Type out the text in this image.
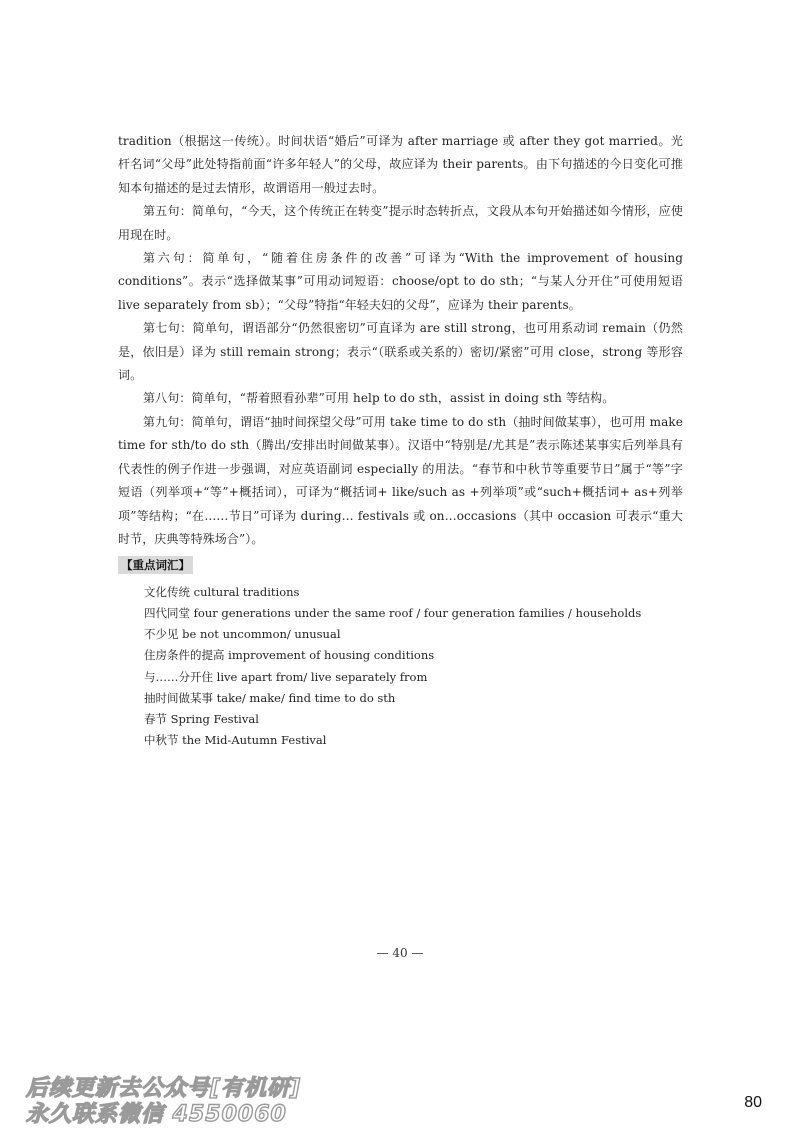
tradition（根据这一传统）。时间状语“婚后”可译为 after marriage 或 after they got married。光杆名词“父母”此处特指前面“许多年轻人”的父母，故应译为 their parents。由下句描述的今日变化可推知本句描述的是过去情形，故谓语用一般过去时。

第五句：简单句，“今天，这个传统正在转变”提示时态转折点，文段从本句开始描述如今情形，应使用现在时。

第六句：简单句，“随着住房条件的改善”可译为“With the improvement of housing conditions”。表示“选择做某事”可用动词短语：choose/opt to do sth；“与某人分开住”可使用短语 live separately from sb）；“父母”特指“年轻夫妇的父母”，应译为 their parents。

第七句：简单句，谓语部分“仍然很密切”可直译为 are still strong，也可用系动词 remain（仍然是，依旧是）译为 still remain strong；表示“（联系或关系的）密切/紧密”可用 close，strong 等形容词。

第八句：简单句，“帮着照看孙辈”可用 help to do sth，assist in doing sth 等结构。

第九句：简单句，谓语“抽时间探望父母”可用 take time to do sth（抽时间做某事），也可用 make time for sth/to do sth（腾出/安排出时间做某事）。汉语中“特别是/尤其是”表示陈述某事实后列举具有代表性的例子作进一步强调，对应英语副词 especially 的用法。“春节和中秋节等重要节日”属于“等”字短语（列举项+“等”+概括词），可译为“概括词+ like/such as +列举项”或“such+概括词+ as+列举项”等结构；“在……节日”可译为 during… festivals 或 on…occasions（其中 occasion 可表示“重大时节，庆典等特殊场合”）。

【重点词汇】
文化传统 cultural traditions
四代同堂 four generations under the same roof / four generation families / households
不少见 be not uncommon/ unusual
住房条件的提高 improvement of housing conditions
与……分开住 live apart from/ live separately from
抽时间做某事 take/ make/ find time to do sth
春节 Spring Festival
中秋节 the Mid-Autumn Festival
— 40 —
后续更新去公众号[有机研]
永久联系微信 4550060	80
